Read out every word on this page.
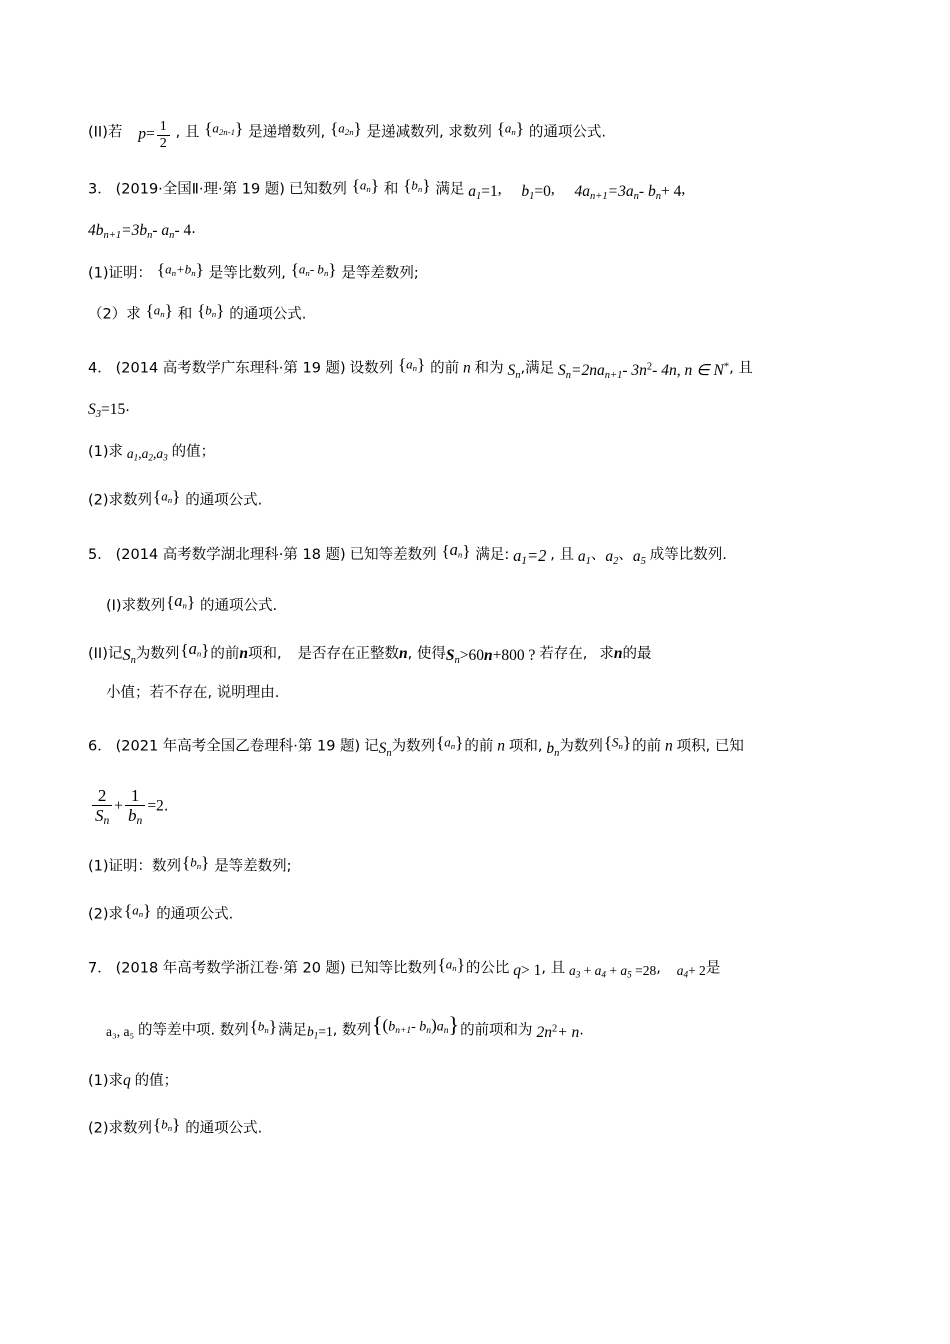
(II)若 $p= \frac{1}{2}$ , 且 $\{a_{2n-1}\}$ 是递增数列, $\{a_{2n}\}$ 是递减数列, 求数列 $\{a_n\}$ 的通项公式.

3． (2019·全国Ⅱ·理·第 19 题) 已知数列 $\{a_n\}$ 和 $\{b_n\}$ 满足 $a_1=1$,  $b_1=0$,  $4a_{n+1}=3a_n-$ $b_n+ 4$,

$4b_{n+1}=3b_n-$ $a_n-$ 4.

(1)证明： $\{a_n+b_n\}$ 是等比数列, {$a_n-$ $b_n$} 是等差数列;

（2）求 $\{a_n\}$ 和 $\{b_n\}$ 的通项公式.

4． (2014 高考数学广东理科·第 19 题) 设数列 $\{a_n\}$ 的前 n 和为 $S_n$,满足 $S_n=2na_{n+1}-$ $3n^2-$ 4n, n ∈ N*, 且

$S_3=15$.

(1)求 $a_1,a_2,a_3$ 的值；

(2)求数列$\{a_n\}$ 的通项公式.

5． (2014 高考数学湖北理科·第 18 题) 已知等差数列 $\{a_n\}$ 满足: $a_1=2$ , 且 $a_1$、$a_2$、$a_5$ 成等比数列.

(I)求数列$\{a_n\}$ 的通项公式.

(II)记$S_n$为数列$\{a_n\}$的前n项和, 是否存在正整数n, 使得$S_n>60n+800$ ? 若存在, 求n的最

小值；若不存在, 说明理由.

6． (2021 年高考全国乙卷理科·第 19 题) 记$S_n$为数列$\{a_n\}$的前 n 项和, $b_n$为数列$\{S_n\}$的前 n 项积, 已知

$\frac{2}{S_n} + \frac{1}{b_n} =2$.

(1)证明：数列$\{b_n\}$ 是等差数列;

(2)求$\{a_n\}$ 的通项公式.

7． (2018 年高考数学浙江卷·第 20 题) 已知等比数列$\{a_n\}$的公比 q> 1, 且 $a_3 + a_4 + a_5 =28$, $a_4+ 2$是

a₃, a₅ 的等差中项. 数列$\{b_n\}$满足$b_1=1$, 数列{($b_{n+1}-$ $b_n)a_n$}的前项和为 $2n^2+ n$.

(1)求q 的值；

(2)求数列$\{b_n\}$ 的通项公式.
